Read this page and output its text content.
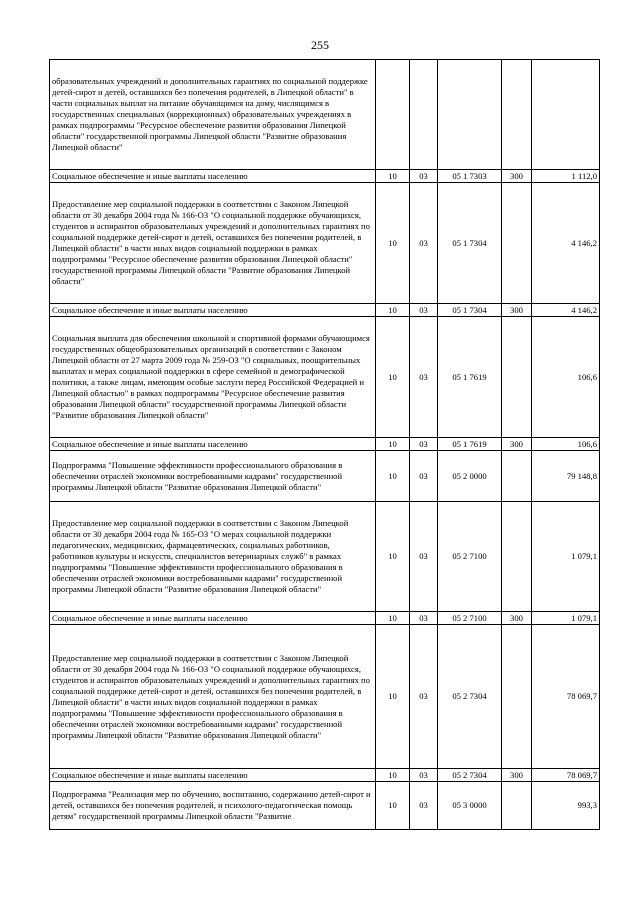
255
образовательных учреждений и дополнительных гарантиях по социальной поддержке детей-сирот и детей, оставшихся без попечения родителей, в Липецкой области" в части социальных выплат на питание обучающимся на дому, числящимся в государственных специальных (коррекционных) образовательных учреждениях в рамках подпрограммы "Ресурсное обеспечение развития образования Липецкой области" государственной программы Липецкой области "Развитие образования Липецкой области"					
Социальное обеспечение и иные выплаты населению	10	03	05 1 7303	300	1 112,0
Предоставление мер социальной поддержки в соответствии с Законом Липецкой области от 30 декабря 2004 года № 166-ОЗ "О социальной поддержке обучающихся, студентов и аспирантов образовательных учреждений и дополнительных гарантиях по социальной поддержке детей-сирот и детей, оставшихся без попечения родителей, в Липецкой области" в части иных видов социальной поддержки в рамках подпрограммы "Ресурсное обеспечение развития образования Липецкой области" государственной программы Липецкой области "Развитие образования Липецкой области"	10	03	05 1 7304		4 146,2
Социальное обеспечение и иные выплаты населению	10	03	05 1 7304	300	4 146,2
Социальная выплата для обеспечения школьной и спортивной формами обучающимся государственных общеобразовательных организаций в соответствии с Законом Липецкой области от 27 марта 2009 года № 259-ОЗ "О социальных, поощрительных выплатах и мерах социальной поддержки в сфере семейной и демографической политики, а также лицам, имеющим особые заслуги перед Российской Федерацией и Липецкой областью" в рамках подпрограммы "Ресурсное обеспечение развития образования Липецкой области" государственной программы Липецкой области "Развитие образования Липецкой области"	10	03	05 1 7619		106,6
Социальное обеспечение и иные выплаты населению	10	03	05 1 7619	300	106,6
Подпрограмма "Повышение эффективности профессионального образования в обеспечении отраслей экономики востребованными кадрами" государственной программы Липецкой области "Развитие образования Липецкой области"	10	03	05 2 0000		79 148,8
Предоставление мер социальной поддержки в соответствии с Законом Липецкой области от 30 декабря 2004 года № 165-ОЗ "О мерах социальной поддержки педагогических, медицинских, фармацевтических, социальных работников, работников культуры и искусств, специалистов ветеринарных служб" в рамках подпрограммы "Повышение эффективности профессионального образования в обеспечении отраслей экономики востребованными кадрами" государственной программы Липецкой области "Развитие образования Липецкой области"	10	03	05 2 7100		1 079,1
Социальное обеспечение и иные выплаты населению	10	03	05 2 7100	300	1 079,1
Предоставление мер социальной поддержки в соответствии с Законом Липецкой области от 30 декабря 2004 года № 166-ОЗ "О социальной поддержке обучающихся, студентов и аспирантов образовательных учреждений и дополнительных гарантиях по социальной поддержке детей-сирот и детей, оставшихся без попечения родителей, в Липецкой области" в части иных видов социальной поддержки в рамках подпрограммы "Повышение эффективности профессионального образования в обеспечении отраслей экономики востребованными кадрами" государственной программы Липецкой области "Развитие образования Липецкой области"	10	03	05 2 7304		78 069,7
Социальное обеспечение и иные выплаты населению	10	03	05 2 7304	300	78 069,7
Подпрограмма "Реализация мер по обучению, воспитанию, содержанию детей-сирот и детей, оставшихся без попечения родителей, и психолого-педагогическая помощь детям" государственной программы Липецкой области "Развитие	10	03	05 3 0000		993,3
